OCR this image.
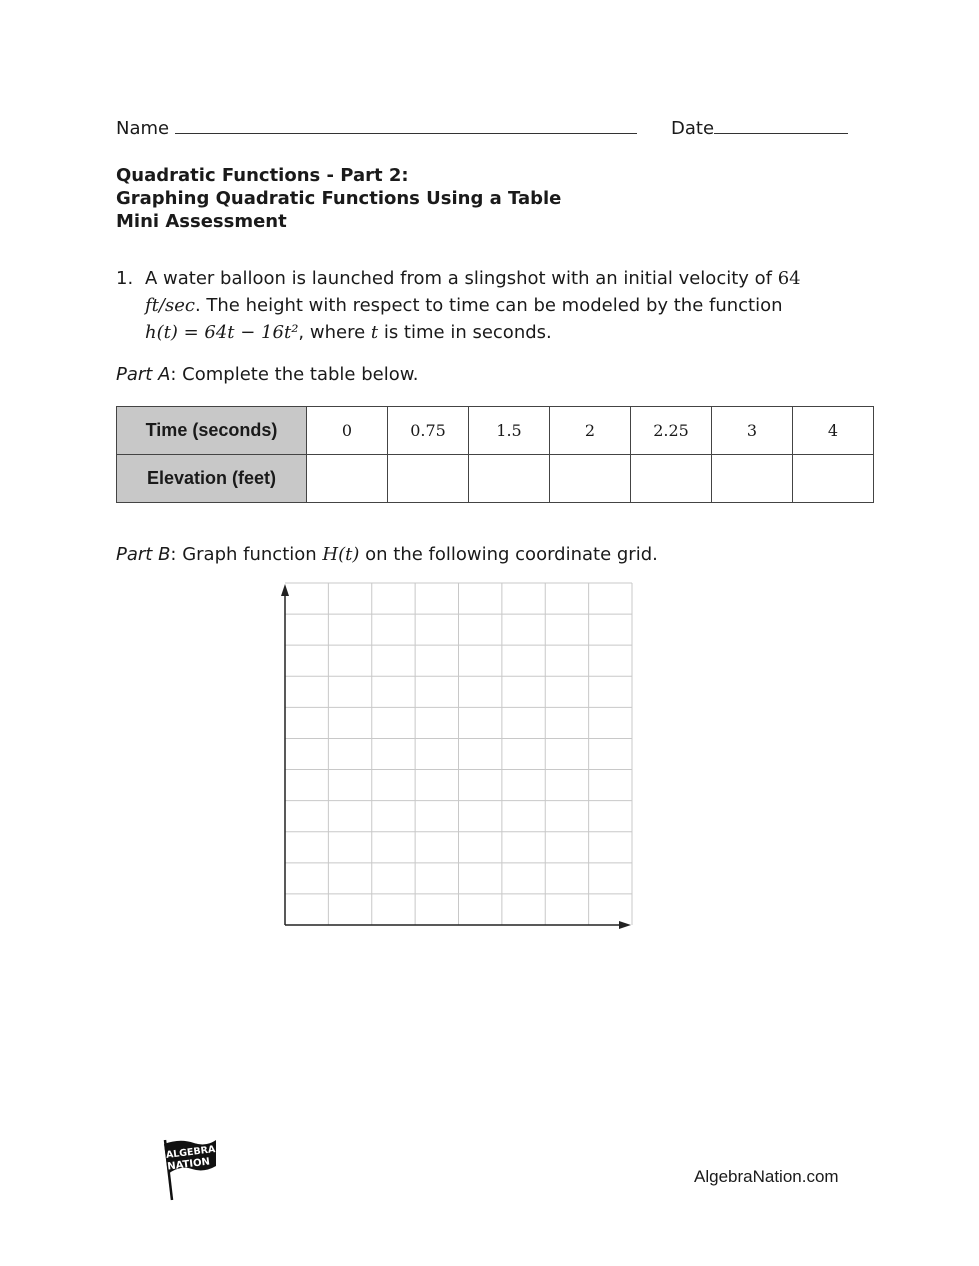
Name	Date
Quadratic Functions - Part 2:
Graphing Quadratic Functions Using a Table
Mini Assessment
1. A water balloon is launched from a slingshot with an initial velocity of 64
ft/sec. The height with respect to time can be modeled by the function
h(t) = 64t − 16t², where t is time in seconds.
Part A: Complete the table below.
Time (seconds)	0	0.75	1.5	2	2.25	3	4
Elevation (feet)							
Part B: Graph function H(t) on the following coordinate grid.
ALGEBRA
NATION
AlgebraNation.com
